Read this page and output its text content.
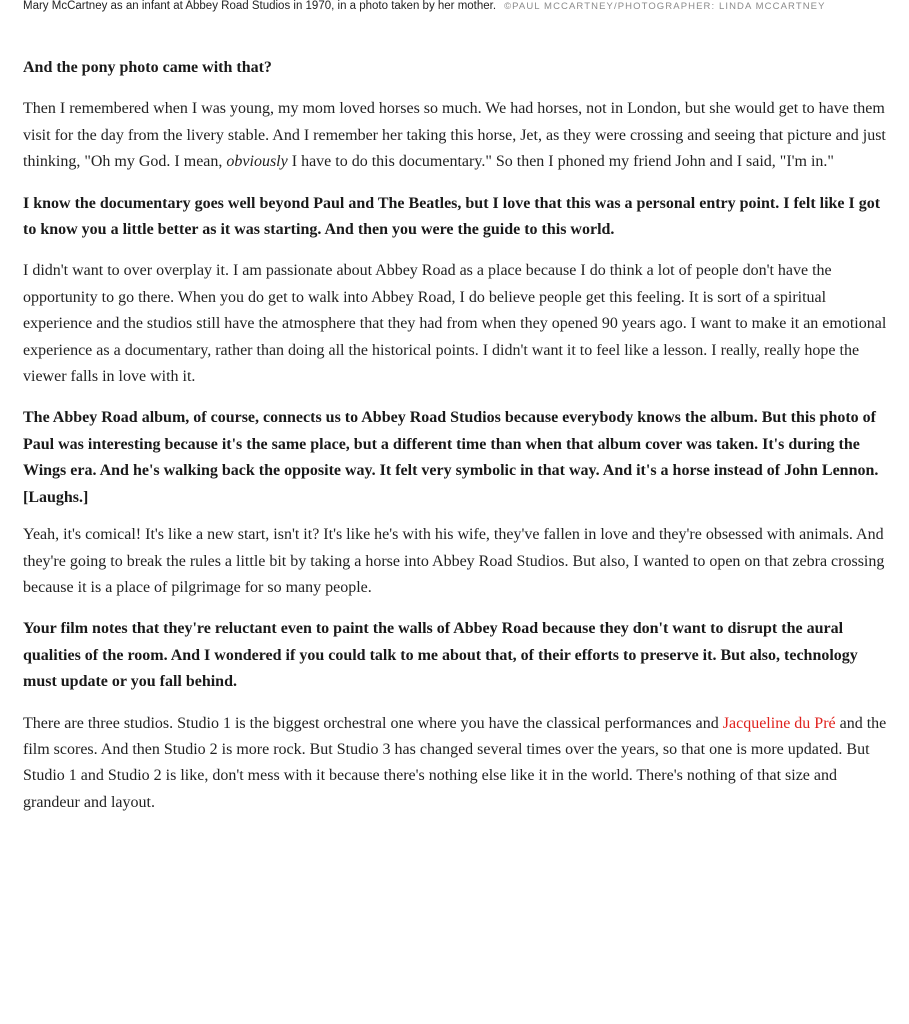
Mary McCartney as an infant at Abbey Road Studios in 1970, in a photo taken by her mother. ©PAUL MCCARTNEY/PHOTOGRAPHER: LINDA MCCARTNEY

And the pony photo came with that?

Then I remembered when I was young, my mom loved horses so much. We had horses, not in London, but she would get to have them visit for the day from the livery stable. And I remember her taking this horse, Jet, as they were crossing and seeing that picture and just thinking, "Oh my God. I mean, obviously I have to do this documentary." So then I phoned my friend John and I said, "I'm in."

I know the documentary goes well beyond Paul and The Beatles, but I love that this was a personal entry point. I felt like I got to know you a little better as it was starting. And then you were the guide to this world.

I didn't want to over overplay it. I am passionate about Abbey Road as a place because I do think a lot of people don't have the opportunity to go there. When you do get to walk into Abbey Road, I do believe people get this feeling. It is sort of a spiritual experience and the studios still have the atmosphere that they had from when they opened 90 years ago. I want to make it an emotional experience as a documentary, rather than doing all the historical points. I didn't want it to feel like a lesson. I really, really hope the viewer falls in love with it.

The Abbey Road album, of course, connects us to Abbey Road Studios because everybody knows the album. But this photo of Paul was interesting because it's the same place, but a different time than when that album cover was taken. It's during the Wings era. And he's walking back the opposite way. It felt very symbolic in that way. And it's a horse instead of John Lennon. [Laughs.]

Yeah, it's comical! It's like a new start, isn't it? It's like he's with his wife, they've fallen in love and they're obsessed with animals. And they're going to break the rules a little bit by taking a horse into Abbey Road Studios. But also, I wanted to open on that zebra crossing because it is a place of pilgrimage for so many people.

Your film notes that they're reluctant even to paint the walls of Abbey Road because they don't want to disrupt the aural qualities of the room. And I wondered if you could talk to me about that, of their efforts to preserve it. But also, technology must update or you fall behind.

There are three studios. Studio 1 is the biggest orchestral one where you have the classical performances and Jacqueline du Pré and the film scores. And then Studio 2 is more rock. But Studio 3 has changed several times over the years, so that one is more updated. But Studio 1 and Studio 2 is like, don't mess with it because there's nothing else like it in the world. There's nothing of that size and grandeur and layout.
